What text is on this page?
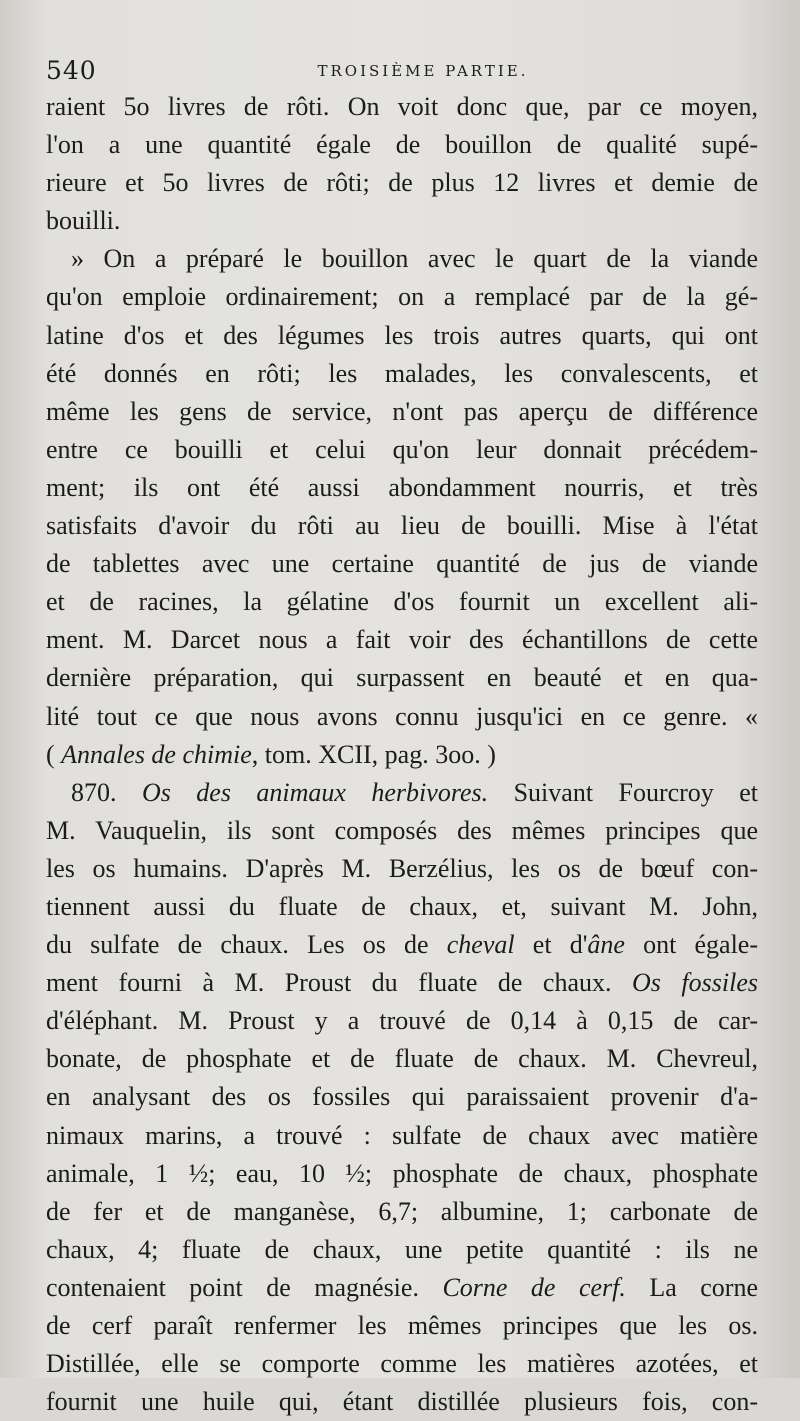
540	TROISIÈME PARTIE.
raient 5o livres de rôti. On voit donc que, par ce moyen,
l'on a une quantité égale de bouillon de qualité supé-
rieure et 5o livres de rôti; de plus 12 livres et demie de
bouilli.
» On a préparé le bouillon avec le quart de la viande
qu'on emploie ordinairement; on a remplacé par de la gé-
latine d'os et des légumes les trois autres quarts, qui ont
été donnés en rôti; les malades, les convalescents, et
même les gens de service, n'ont pas aperçu de différence
entre ce bouilli et celui qu'on leur donnait précédem-
ment; ils ont été aussi abondamment nourris, et très
satisfaits d'avoir du rôti au lieu de bouilli. Mise à l'état
de tablettes avec une certaine quantité de jus de viande
et de racines, la gélatine d'os fournit un excellent ali-
ment. M. Darcet nous a fait voir des échantillons de cette
dernière préparation, qui surpassent en beauté et en qua-
lité tout ce que nous avons connu jusqu'ici en ce genre. «
( Annales de chimie, tom. XCII, pag. 3oo. )
870. Os des animaux herbivores. Suivant Fourcroy et
M. Vauquelin, ils sont composés des mêmes principes que
les os humains. D'après M. Berzélius, les os de bœuf con-
tiennent aussi du fluate de chaux, et, suivant M. John,
du sulfate de chaux. Les os de cheval et d'âne ont égale-
ment fourni à M. Proust du fluate de chaux. Os fossiles
d'éléphant. M. Proust y a trouvé de 0,14 à 0,15 de car-
bonate, de phosphate et de fluate de chaux. M. Chevreul,
en analysant des os fossiles qui paraissaient provenir d'a-
nimaux marins, a trouvé : sulfate de chaux avec matière
animale, 1 ½; eau, 10 ½; phosphate de chaux, phosphate
de fer et de manganèse, 6,7; albumine, 1; carbonate de
chaux, 4; fluate de chaux, une petite quantité : ils ne
contenaient point de magnésie. Corne de cerf. La corne
de cerf paraît renfermer les mêmes principes que les os.
Distillée, elle se comporte comme les matières azotées, et
fournit une huile qui, étant distillée plusieurs fois, con-
